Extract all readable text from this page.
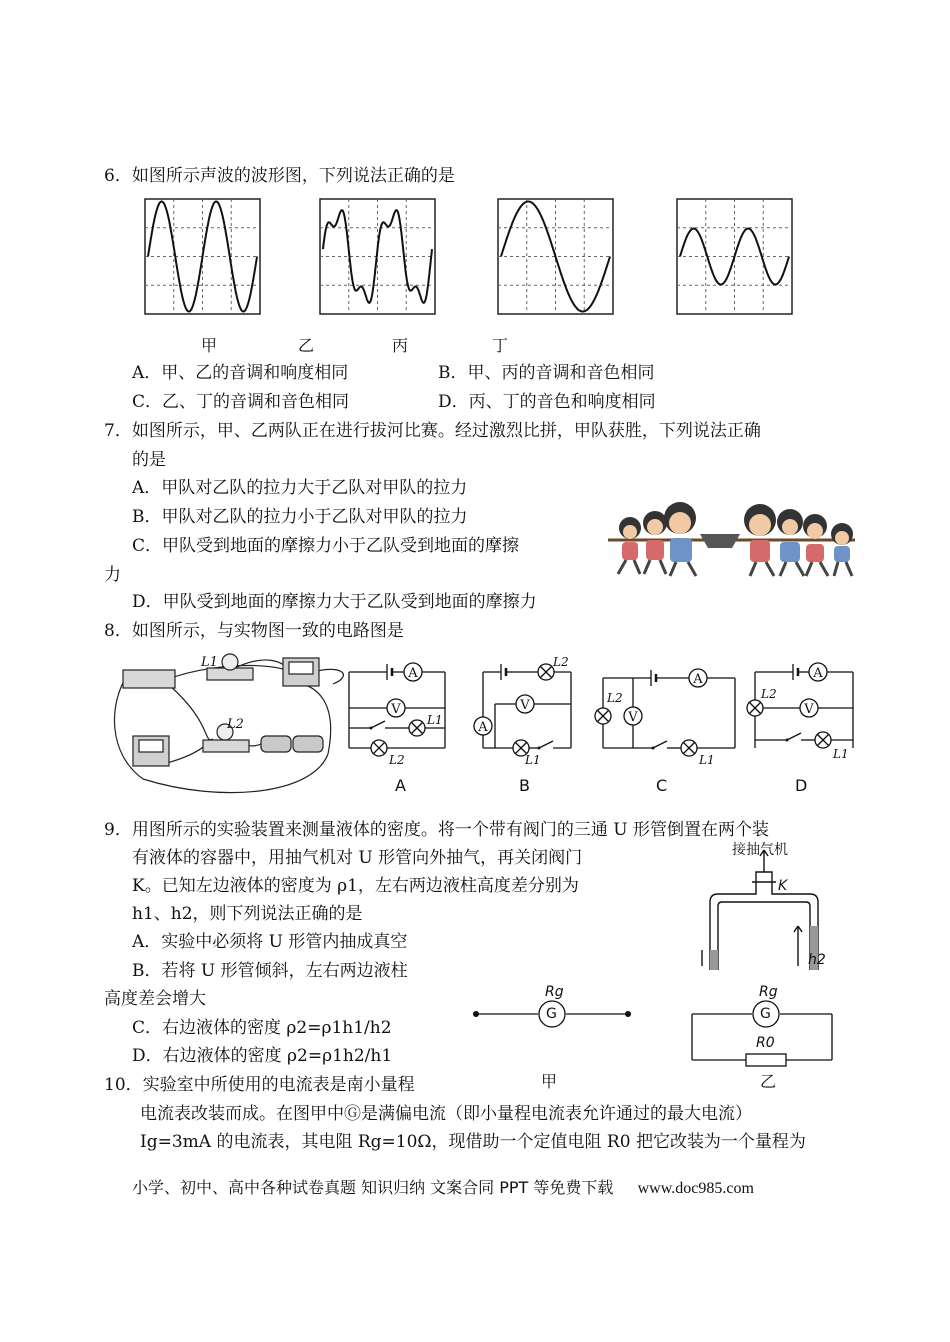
6．如图所示声波的波形图，下列说法正确的是
甲	乙	丙	丁
A．甲、乙的音调和响度相同	B．甲、丙的音调和音色相同
C．乙、丁的音调和音色相同	D．丙、丁的音色和响度相同
7．如图所示，甲、乙两队正在进行拔河比赛。经过激烈比拼，甲队获胜，下列说法正确
的是
A．甲队对乙队的拉力大于乙队对甲队的拉力
B．甲队对乙队的拉力小于乙队对甲队的拉力
C．甲队受到地面的摩擦力小于乙队受到地面的摩擦
力
D．甲队受到地面的摩擦力大于乙队受到地面的摩擦力
8．如图所示，与实物图一致的电路图是
L1
L2
A
V
L1
L2
V
A
L2
L1
A
V
L2
L1
A
V
L2
L1
A	B	C	D
9．用图所示的实验装置来测量液体的密度。将一个带有阀门的三通 U 形管倒置在两个装
有液体的容器中，用抽气机对 U 形管向外抽气，再关闭阀门
K。已知左边液体的密度为 ρ1，左右两边液柱高度差分别为
h1、h2，则下列说法正确的是
A．实验中必须将 U 形管内抽成真空
B．若将 U 形管倾斜，左右两边液柱
高度差会增大
C．右边液体的密度 ρ2=ρ1h1/h2
D．右边液体的密度 ρ2=ρ1h2/h1
接抽气机
K
h2
Rg
G
Rg
G
R0
甲	乙
10．实验室中所使用的电流表是南小量程
电流表改装而成。在图甲中Ⓖ是满偏电流（即小量程电流表允许通过的最大电流）
Ig=3mA 的电流表，其电阻 Rg=10Ω，现借助一个定值电阻 R0 把它改装为一个量程为
小学、初中、高中各种试卷真题 知识归纳 文案合同 PPT 等免费下载 www.doc985.com
